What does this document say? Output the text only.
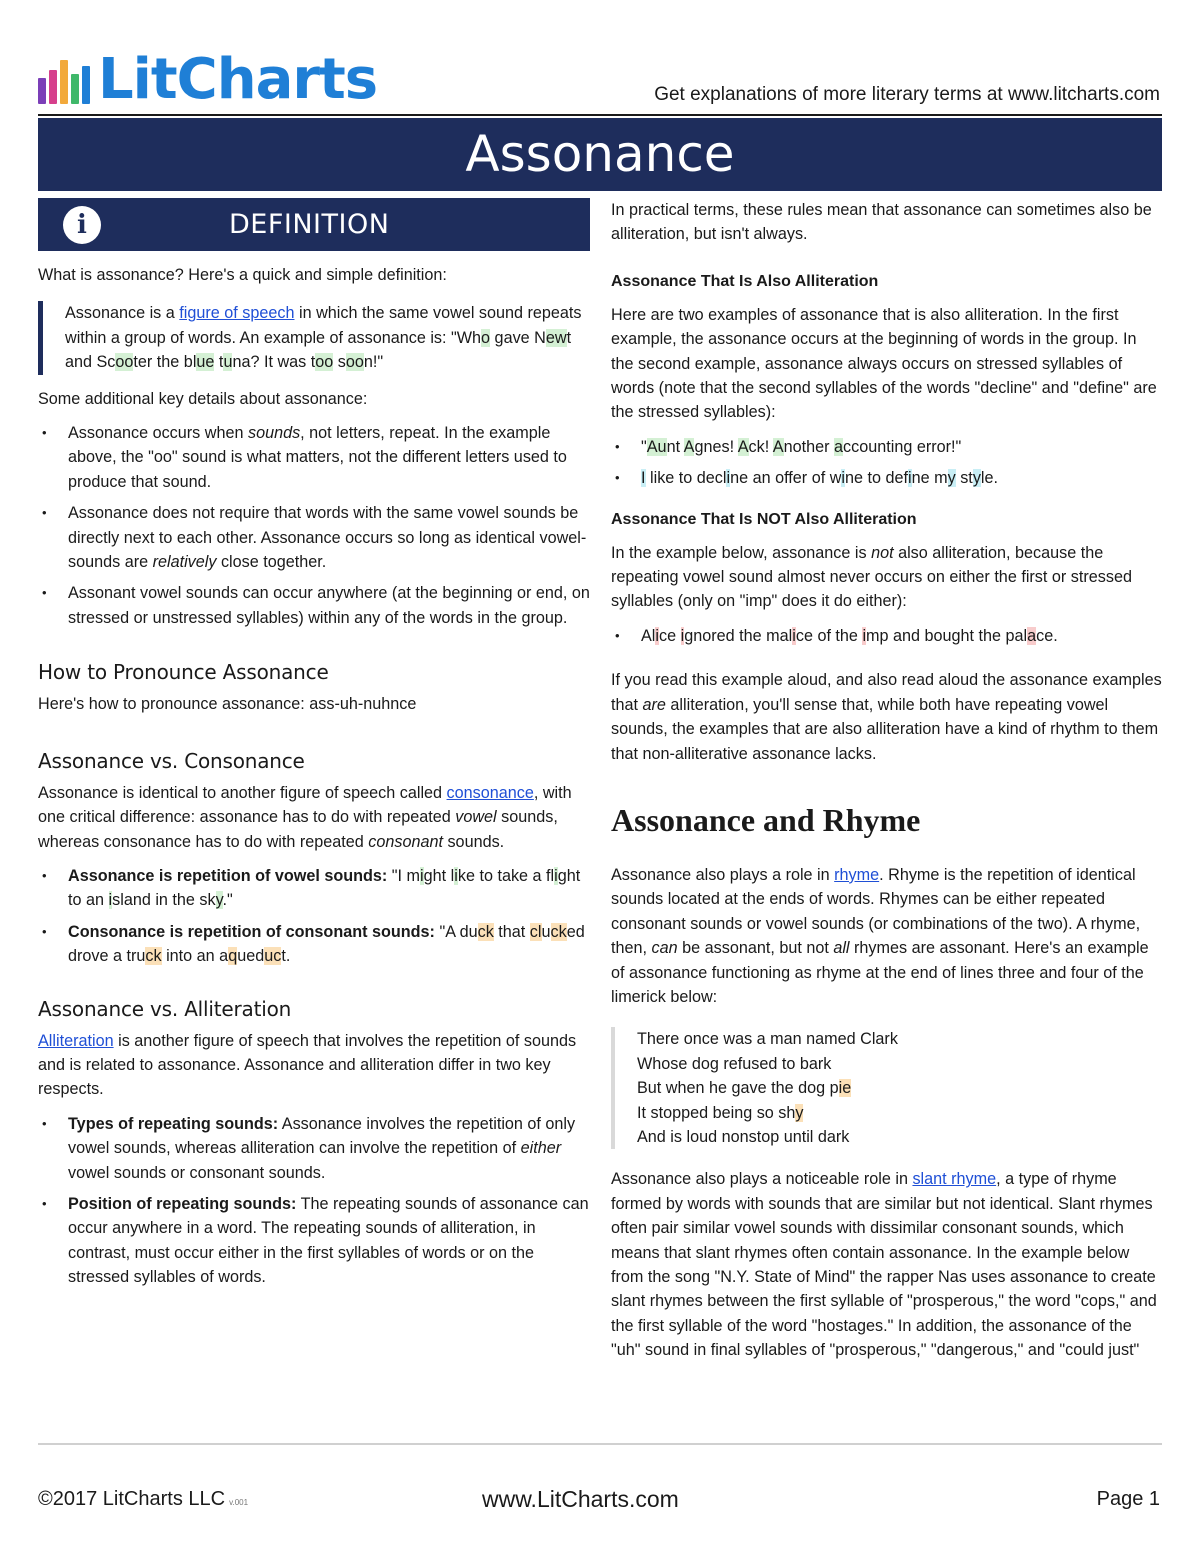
LitCharts	Get explanations of more literary terms at www.litcharts.com
Assonance
i	DEFINITION

What is assonance? Here's a quick and simple definition:

Assonance is a figure of speech in which the same vowel sound repeats within a group of words. An example of assonance is: "Who gave Newt and Scooter the blue tuna? It was too soon!"

Some additional key details about assonance:

• Assonance occurs when sounds, not letters, repeat. In the example above, the "oo" sound is what matters, not the different letters used to produce that sound.
• Assonance does not require that words with the same vowel sounds be directly next to each other. Assonance occurs so long as identical vowel-sounds are relatively close together.
• Assonant vowel sounds can occur anywhere (at the beginning or end, on stressed or unstressed syllables) within any of the words in the group.
How to Pronounce Assonance

Here's how to pronounce assonance: ass-uh-nuhnce

Assonance vs. Consonance

Assonance is identical to another figure of speech called consonance, with one critical difference: assonance has to do with repeated vowel sounds, whereas consonance has to do with repeated consonant sounds.

• Assonance is repetition of vowel sounds: "I might like to take a flight to an island in the sky."
• Consonance is repetition of consonant sounds: "A duck that clucked drove a truck into an aqueduct.
Assonance vs. Alliteration

Alliteration is another figure of speech that involves the repetition of sounds and is related to assonance. Assonance and alliteration differ in two key respects.

• Types of repeating sounds: Assonance involves the repetition of only vowel sounds, whereas alliteration can involve the repetition of either vowel sounds or consonant sounds.
• Position of repeating sounds: The repeating sounds of assonance can occur anywhere in a word. The repeating sounds of alliteration, in contrast, must occur either in the first syllables of words or on the stressed syllables of words.

In practical terms, these rules mean that assonance can sometimes also be alliteration, but isn't always.

Assonance That Is Also Alliteration

Here are two examples of assonance that is also alliteration. In the first example, the assonance occurs at the beginning of words in the group. In the second example, assonance always occurs on stressed syllables of words (note that the second syllables of the words "decline" and "define" are the stressed syllables):

• "Aunt Agnes! Ack! Another accounting error!"
• I like to decline an offer of wine to define my style.
Assonance That Is NOT Also Alliteration

In the example below, assonance is not also alliteration, because the repeating vowel sound almost never occurs on either the first or stressed syllables (only on "imp" does it do either):

• Alice ignored the malice of the imp and bought the palace.

If you read this example aloud, and also read aloud the assonance examples that are alliteration, you'll sense that, while both have repeating vowel sounds, the examples that are also alliteration have a kind of rhythm to them that non-alliterative assonance lacks.

Assonance and Rhyme

Assonance also plays a role in rhyme. Rhyme is the repetition of identical sounds located at the ends of words. Rhymes can be either repeated consonant sounds or vowel sounds (or combinations of the two). A rhyme, then, can be assonant, but not all rhymes are assonant. Here's an example of assonance functioning as rhyme at the end of lines three and four of the limerick below:

There once was a man named Clark
Whose dog refused to bark
But when he gave the dog pie
It stopped being so shy
And is loud nonstop until dark

Assonance also plays a noticeable role in slant rhyme, a type of rhyme formed by words with sounds that are similar but not identical. Slant rhymes often pair similar vowel sounds with dissimilar consonant sounds, which means that slant rhymes often contain assonance. In the example below from the song "N.Y. State of Mind" the rapper Nas uses assonance to create slant rhymes between the first syllable of "prosperous," the word "cops," and the first syllable of the word "hostages." In addition, the assonance of the "uh" sound in final syllables of "prosperous," "dangerous," and "could just"

©2017 LitCharts LLC v.001	www.LitCharts.com	Page 1
